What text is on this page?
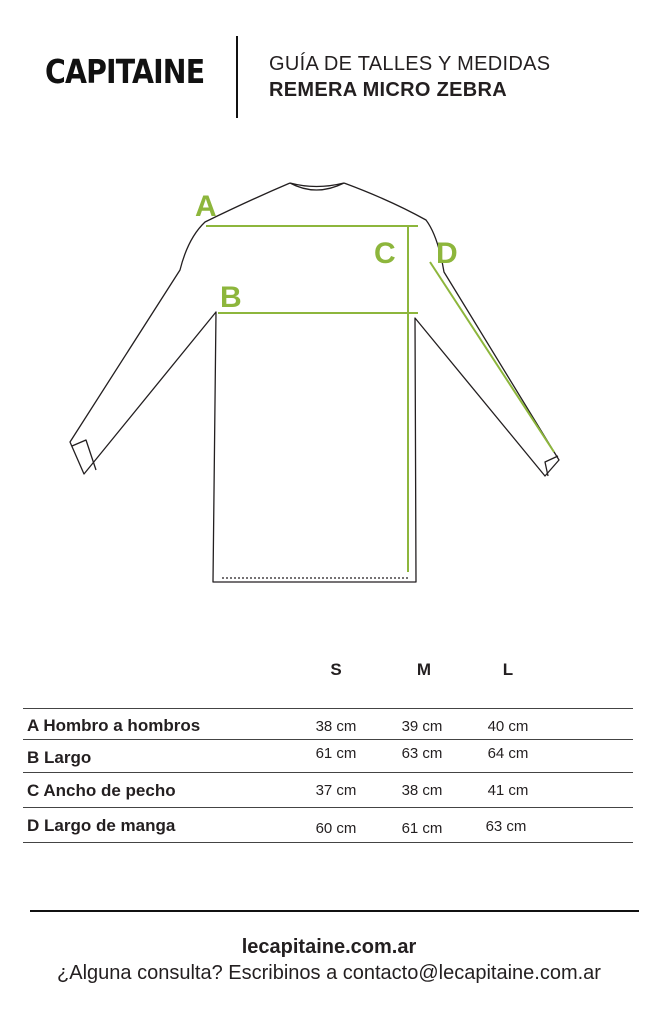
CAPITAINE	GUÍA DE TALLES Y MEDIDAS
REMERA MICRO ZEBRA
A
B
C D
S	M	L
A Hombro a hombros	38 cm	39 cm	40 cm
B Largo	61 cm	63 cm	64 cm
C Ancho de pecho	37 cm	38 cm	41 cm
D Largo de manga	60 cm	61 cm	63 cm
lecapitaine.com.ar
¿Alguna consulta? Escribinos a contacto@lecapitaine.com.ar
